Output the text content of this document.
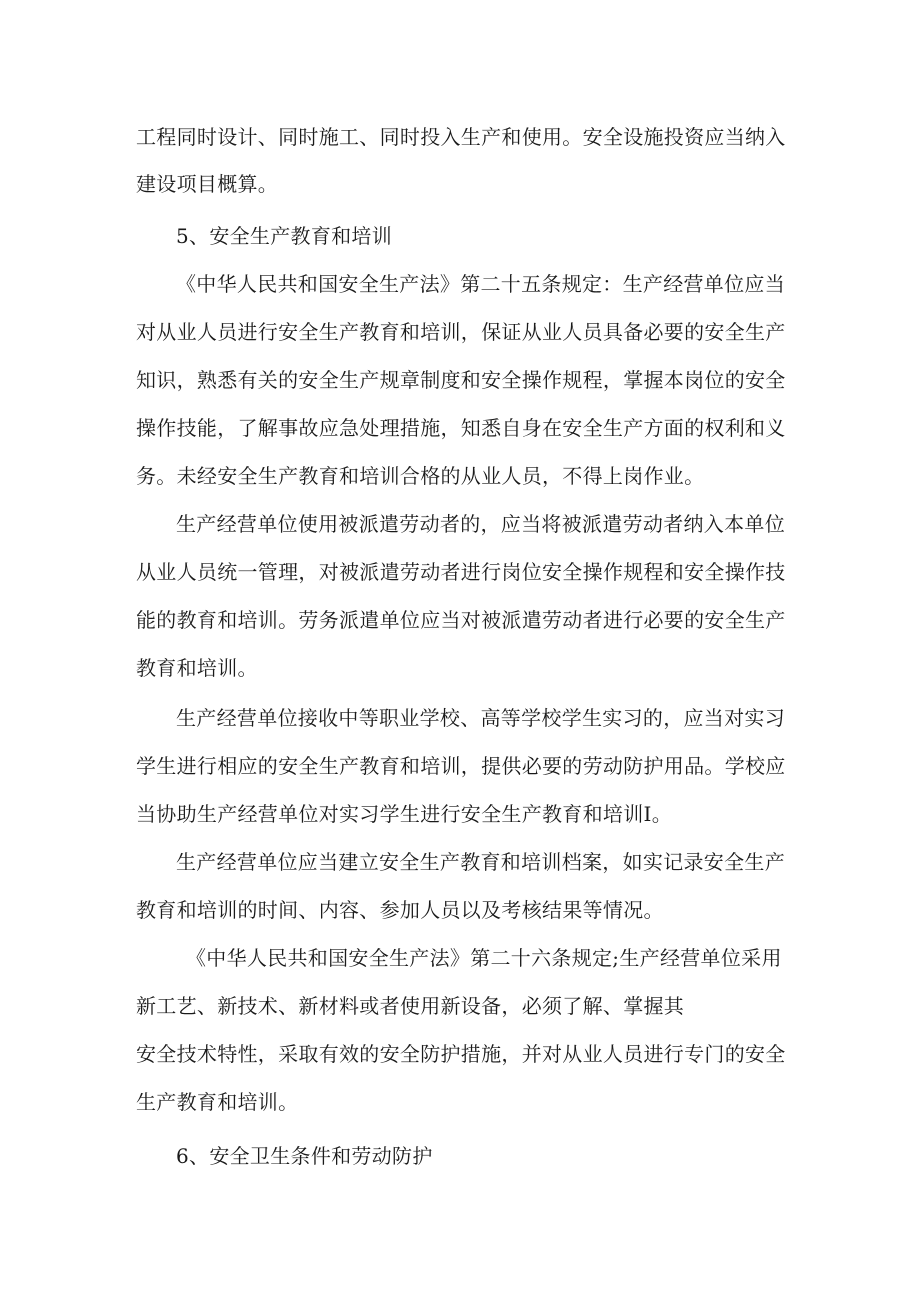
工程同时设计、同时施工、同时投入生产和使用。安全设施投资应当纳入
建设项目概算。
5、安全生产教育和培训
《中华人民共和国安全生产法》第二十五条规定：生产经营单位应当
对从业人员进行安全生产教育和培训，保证从业人员具备必要的安全生产
知识，熟悉有关的安全生产规章制度和安全操作规程，掌握本岗位的安全
操作技能，了解事故应急处理措施，知悉自身在安全生产方面的权利和义
务。未经安全生产教育和培训合格的从业人员，不得上岗作业。
生产经营单位使用被派遣劳动者的，应当将被派遣劳动者纳入本单位
从业人员统一管理，对被派遣劳动者进行岗位安全操作规程和安全操作技
能的教育和培训。劳务派遣单位应当对被派遣劳动者进行必要的安全生产
教育和培训。
生产经营单位接收中等职业学校、高等学校学生实习的，应当对实习
学生进行相应的安全生产教育和培训，提供必要的劳动防护用品。学校应
当协助生产经营单位对实习学生进行安全生产教育和培训I。
生产经营单位应当建立安全生产教育和培训档案，如实记录安全生产
教育和培训的时间、内容、参加人员以及考核结果等情况。
《中华人民共和国安全生产法》第二十六条规定;生产经营单位采用
新工艺、新技术、新材料或者使用新设备，必须了解、掌握其
安全技术特性，采取有效的安全防护措施，并对从业人员进行专门的安全
生产教育和培训。
6、安全卫生条件和劳动防护
